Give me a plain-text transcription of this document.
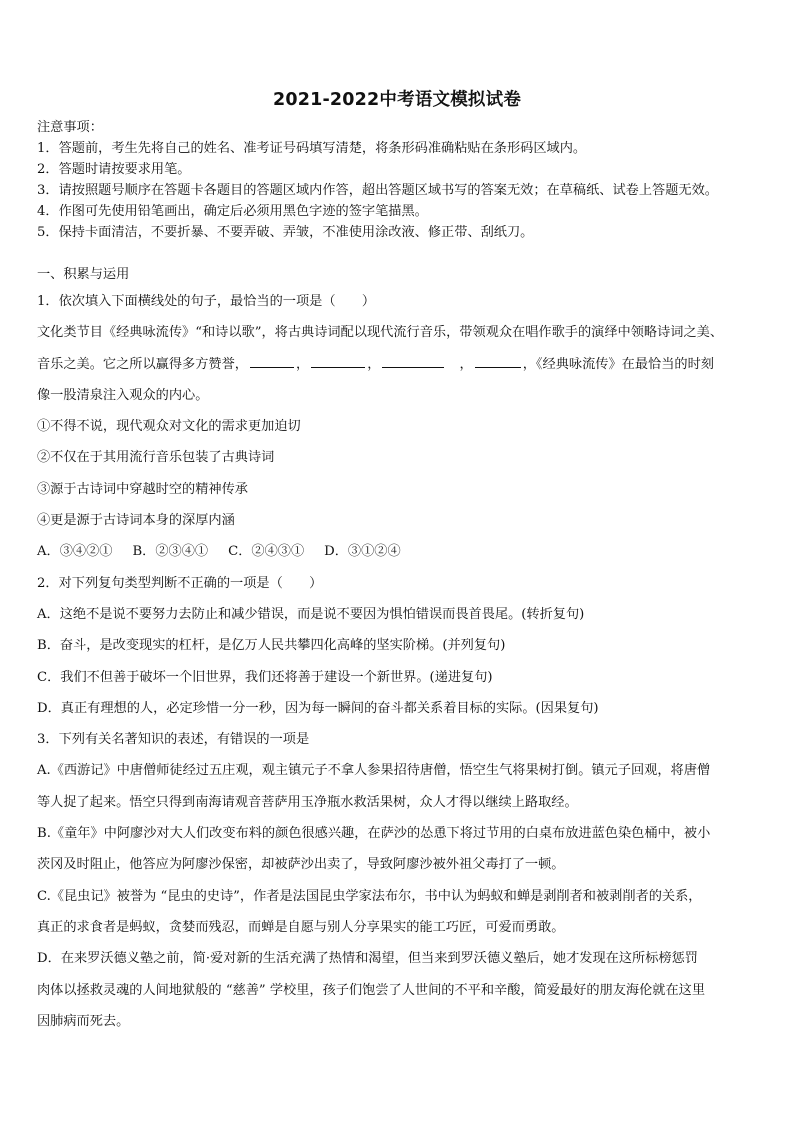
2021-2022中考语文模拟试卷
注意事项：
1．答题前，考生先将自己的姓名、准考证号码填写清楚，将条形码准确粘贴在条形码区域内。
2．答题时请按要求用笔。
3．请按照题号顺序在答题卡各题目的答题区域内作答，超出答题区域书写的答案无效；在草稿纸、试卷上答题无效。
4．作图可先使用铅笔画出，确定后必须用黑色字迹的签字笔描黑。
5．保持卡面清洁，不要折暴、不要弄破、弄皱，不准使用涂改液、修正带、刮纸刀。
一、积累与运用
1．依次填入下面横线处的句子，最恰当的一项是（　　）
文化类节目《经典咏流传》“和诗以歌”，将古典诗词配以现代流行音乐，带领观众在唱作歌手的演绎中领略诗词之美、
音乐之美。它之所以赢得多方赞誉，	，	，	　，	，《经典咏流传》在最恰当的时刻
像一股清泉注入观众的内心。
①不得不说，现代观众对文化的需求更加迫切
②不仅在于其用流行音乐包装了古典诗词
③源于古诗词中穿越时空的精神传承
④更是源于古诗词本身的深厚内涵
A．③④②① B．②③④① C．②④③① D．③①②④
2．对下列复句类型判断不正确的一项是（　　）
A．这绝不是说不要努力去防止和减少错误，而是说不要因为惧怕错误而畏首畏尾。(转折复句)
B．奋斗，是改变现实的杠杆，是亿万人民共攀四化高峰的坚实阶梯。(并列复句)
C．我们不但善于破坏一个旧世界，我们还将善于建设一个新世界。(递进复句)
D．真正有理想的人，必定珍惜一分一秒，因为每一瞬间的奋斗都关系着目标的实际。(因果复句)
3．下列有关名著知识的表述，有错误的一项是
A.《西游记》中唐僧师徒经过五庄观，观主镇元子不拿人参果招待唐僧，悟空生气将果树打倒。镇元子回观，将唐僧
等人捉了起来。悟空只得到南海请观音菩萨用玉净瓶水救活果树，众人才得以继续上路取经。
B.《童年》中阿廖沙对大人们改变布料的颜色很感兴趣，在萨沙的怂恿下将过节用的白桌布放进蓝色染色桶中，被小
茨冈及时阻止，他答应为阿廖沙保密，却被萨沙出卖了，导致阿廖沙被外祖父毒打了一顿。
C.《昆虫记》被誉为 “昆虫的史诗”，作者是法国昆虫学家法布尔，书中认为蚂蚁和蝉是剥削者和被剥削者的关系，
真正的求食者是蚂蚁，贪婪而残忍，而蝉是自愿与别人分享果实的能工巧匠，可爱而勇敢。
D．在来罗沃德义塾之前，简·爱对新的生活充满了热情和渴望，但当来到罗沃德义塾后，她才发现在这所标榜惩罚
肉体以拯救灵魂的人间地狱般的 “慈善” 学校里，孩子们饱尝了人世间的不平和辛酸，简爱最好的朋友海伦就在这里
因肺病而死去。
